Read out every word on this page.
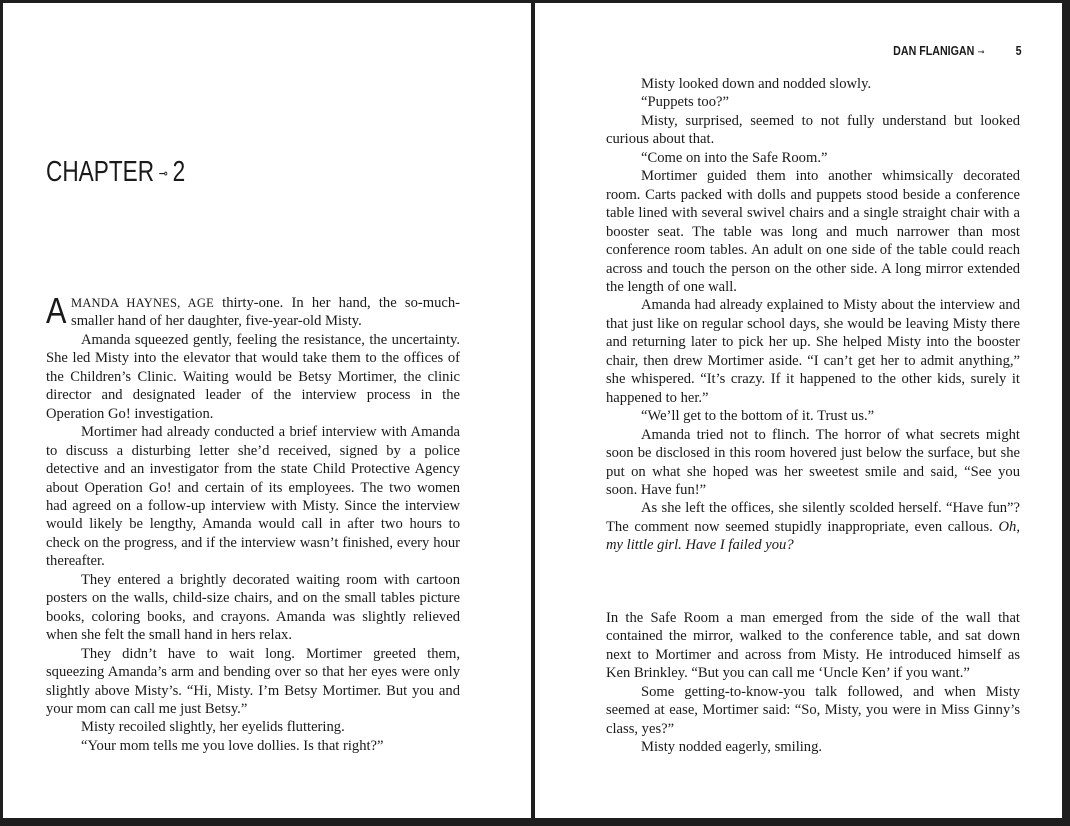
CHAPTER ⊸ 2

AMANDA HAYNES, AGE thirty-one. In her hand, the so-much-smaller hand of her daughter, five-year-old Misty.

Amanda squeezed gently, feeling the resistance, the uncertainty. She led Misty into the elevator that would take them to the offices of the Children’s Clinic. Waiting would be Betsy Mortimer, the clinic director and designated leader of the interview process in the Operation Go! investigation.

Mortimer had already conducted a brief interview with Amanda to discuss a disturbing letter she’d received, signed by a police detective and an investigator from the state Child Protective Agency about Operation Go! and certain of its employees. The two women had agreed on a follow-up interview with Misty. Since the interview would likely be lengthy, Amanda would call in after two hours to check on the progress, and if the interview wasn’t finished, every hour thereafter.

They entered a brightly decorated waiting room with cartoon posters on the walls, child-size chairs, and on the small tables picture books, coloring books, and crayons. Amanda was slightly relieved when she felt the small hand in hers relax.

They didn’t have to wait long. Mortimer greeted them, squeezing Amanda’s arm and bending over so that her eyes were only slightly above Misty’s. “Hi, Misty. I’m Betsy Mortimer. But you and your mom can call me just Betsy.”

Misty recoiled slightly, her eyelids fluttering.

“Your mom tells me you love dollies. Is that right?”

DAN FLANIGAN ⊸ 5

Misty looked down and nodded slowly.

“Puppets too?”

Misty, surprised, seemed to not fully understand but looked curious about that.

“Come on into the Safe Room.”

Mortimer guided them into another whimsically decorated room. Carts packed with dolls and puppets stood beside a conference table lined with several swivel chairs and a single straight chair with a booster seat. The table was long and much narrower than most conference room tables. An adult on one side of the table could reach across and touch the person on the other side. A long mirror extended the length of one wall.

Amanda had already explained to Misty about the interview and that just like on regular school days, she would be leaving Misty there and returning later to pick her up. She helped Misty into the booster chair, then drew Mortimer aside. “I can’t get her to admit anything,” she whispered. “It’s crazy. If it happened to the other kids, surely it happened to her.”

“We’ll get to the bottom of it. Trust us.”

Amanda tried not to flinch. The horror of what secrets might soon be disclosed in this room hovered just below the surface, but she put on what she hoped was her sweetest smile and said, “See you soon. Have fun!”

As she left the offices, she silently scolded herself. “Have fun”? The comment now seemed stupidly inappropriate, even callous. Oh, my little girl. Have I failed you?

In the Safe Room a man emerged from the side of the wall that contained the mirror, walked to the conference table, and sat down next to Mortimer and across from Misty. He introduced himself as Ken Brinkley. “But you can call me ‘Uncle Ken’ if you want.”

Some getting-to-know-you talk followed, and when Misty seemed at ease, Mortimer said: “So, Misty, you were in Miss Ginny’s class, yes?”

Misty nodded eagerly, smiling.
